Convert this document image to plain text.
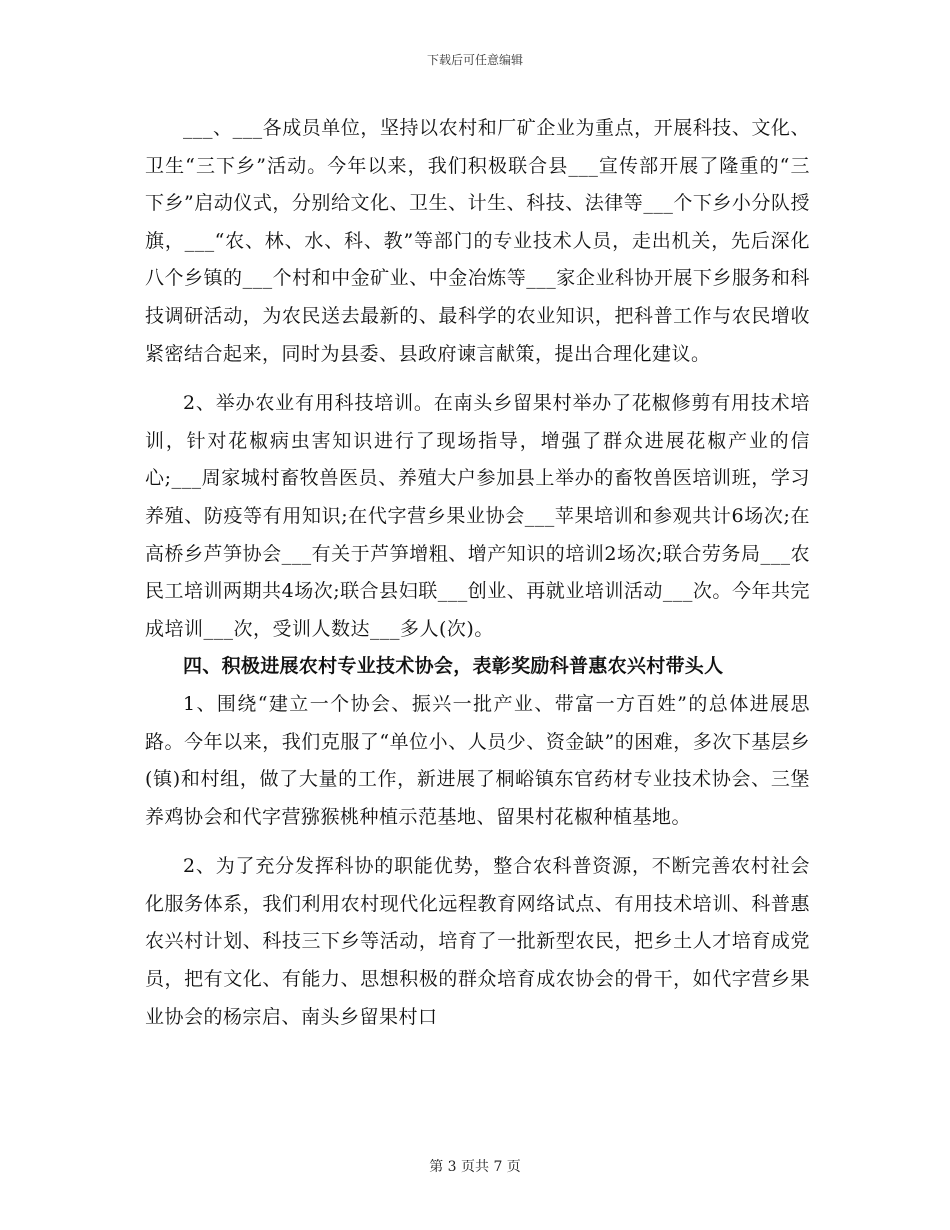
下载后可任意编辑

___、___各成员单位，坚持以农村和厂矿企业为重点，开展科技、文化、卫生“三下乡”活动。今年以来，我们积极联合县___宣传部开展了隆重的“三下乡”启动仪式，分别给文化、卫生、计生、科技、法律等___个下乡小分队授旗，___“农、林、水、科、教”等部门的专业技术人员，走出机关，先后深化八个乡镇的___个村和中金矿业、中金冶炼等___家企业科协开展下乡服务和科技调研活动，为农民送去最新的、最科学的农业知识，把科普工作与农民增收紧密结合起来，同时为县委、县政府谏言献策，提出合理化建议。

2、举办农业有用科技培训。在南头乡留果村举办了花椒修剪有用技术培训，针对花椒病虫害知识进行了现场指导，增强了群众进展花椒产业的信心;___周家城村畜牧兽医员、养殖大户参加县上举办的畜牧兽医培训班，学习养殖、防疫等有用知识;在代字营乡果业协会___苹果培训和参观共计6场次;在高桥乡芦笋协会___有关于芦笋增粗、增产知识的培训2场次;联合劳务局___农民工培训两期共4场次;联合县妇联___创业、再就业培训活动___次。今年共完成培训___次，受训人数达___多人(次)。

四、积极进展农村专业技术协会，表彰奖励科普惠农兴村带头人

1、围绕“建立一个协会、振兴一批产业、带富一方百姓”的总体进展思路。今年以来，我们克服了“单位小、人员少、资金缺”的困难，多次下基层乡(镇)和村组，做了大量的工作，新进展了桐峪镇东官药材专业技术协会、三堡养鸡协会和代字营猕猴桃种植示范基地、留果村花椒种植基地。

2、为了充分发挥科协的职能优势，整合农科普资源，不断完善农村社会化服务体系，我们利用农村现代化远程教育网络试点、有用技术培训、科普惠农兴村计划、科技三下乡等活动，培育了一批新型农民，把乡土人才培育成党员，把有文化、有能力、思想积极的群众培育成农协会的骨干，如代字营乡果业协会的杨宗启、南头乡留果村口

第 3 页共 7 页
